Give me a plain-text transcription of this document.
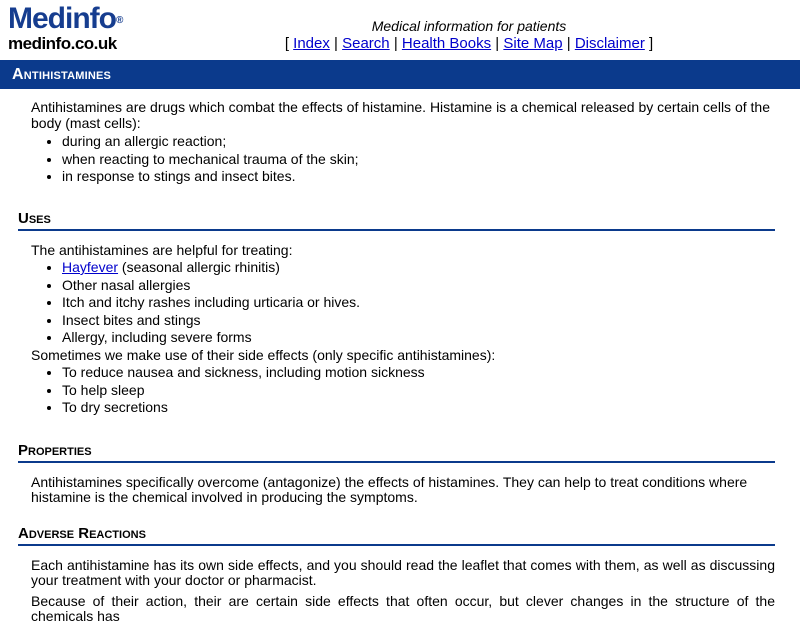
Medinfo®
medinfo.co.uk
Medical information for patients
[ Index | Search | Health Books | Site Map | Disclaimer ]
Antihistamines

Antihistamines are drugs which combat the effects of histamine. Histamine is a chemical released by certain cells of the body (mast cells):

• during an allergic reaction;
• when reacting to mechanical trauma of the skin;
• in response to stings and insect bites.
Uses

The antihistamines are helpful for treating:

• Hayfever (seasonal allergic rhinitis)
• Other nasal allergies
• Itch and itchy rashes including urticaria or hives.
• Insect bites and stings
• Allergy, including severe forms

Sometimes we make use of their side effects (only specific antihistamines):

• To reduce nausea and sickness, including motion sickness
• To help sleep
• To dry secretions
Properties

Antihistamines specifically overcome (antagonize) the effects of histamines. They can help to treat conditions where histamine is the chemical involved in producing the symptoms.

Adverse Reactions

Each antihistamine has its own side effects, and you should read the leaflet that comes with them, as well as discussing your treatment with your doctor or pharmacist.

Because of their action, their are certain side effects that often occur, but clever changes in the structure of the chemicals has
